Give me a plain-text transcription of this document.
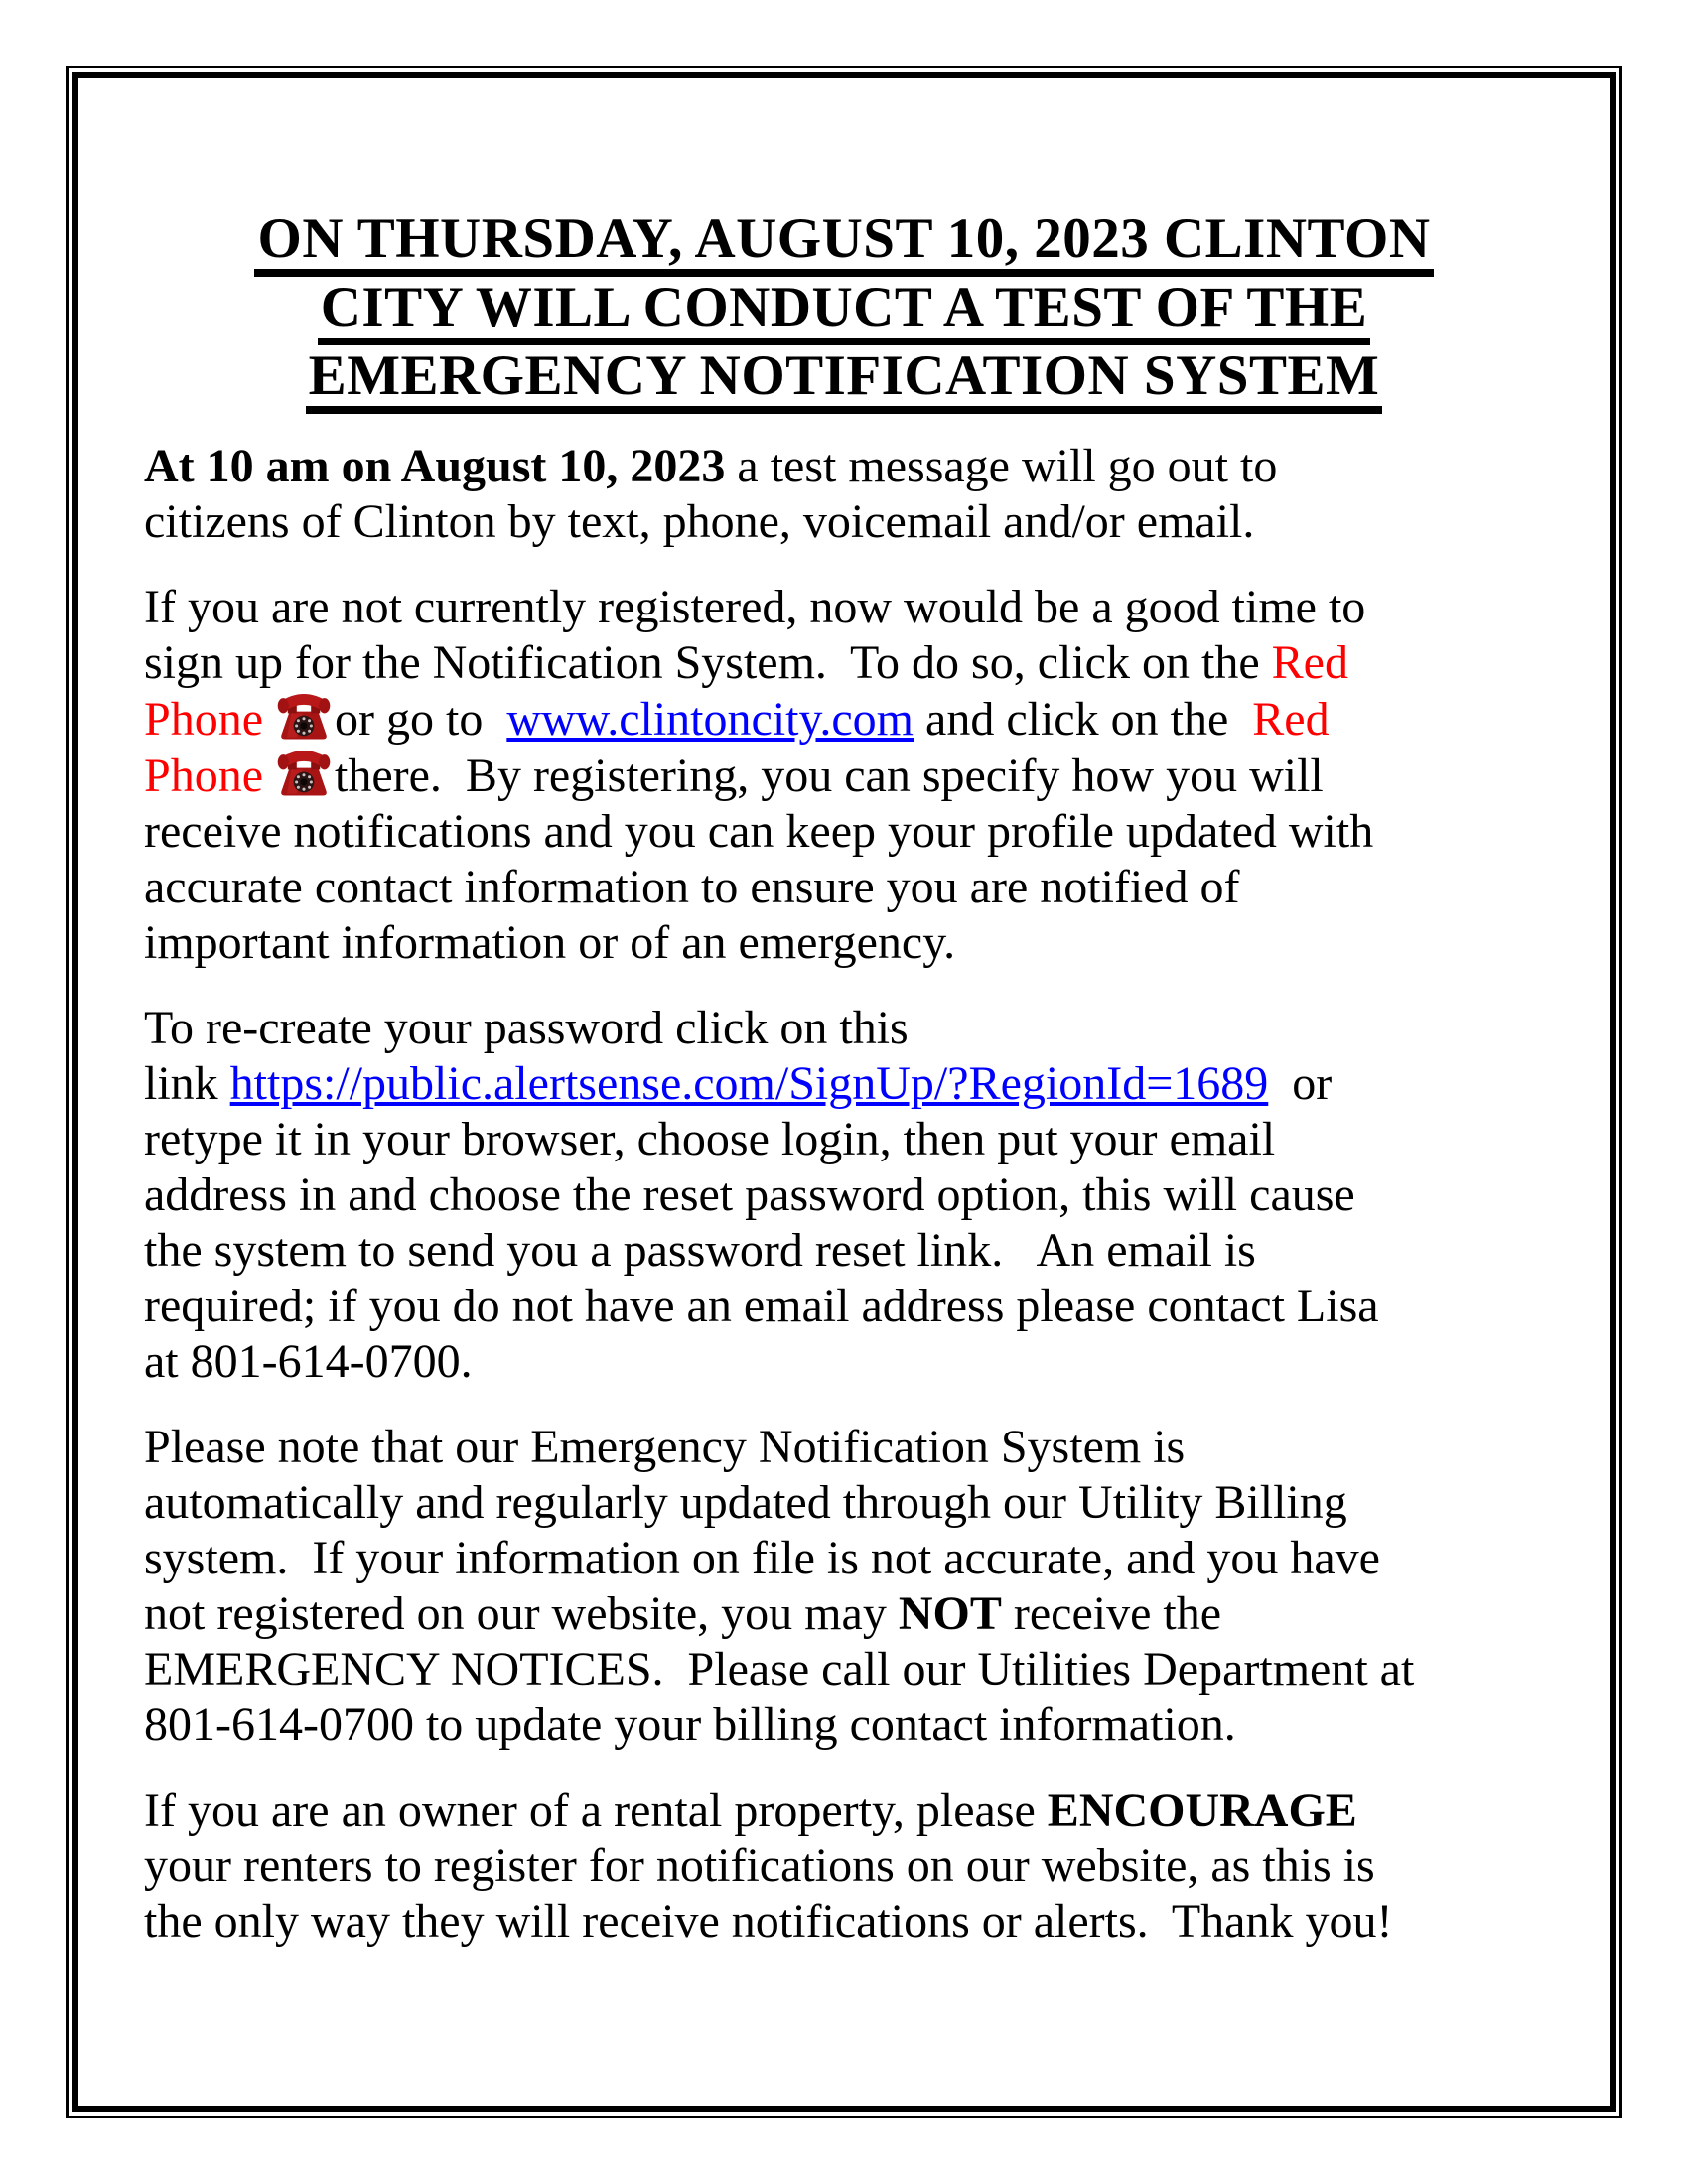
ON THURSDAY, AUGUST 10, 2023 CLINTON
CITY WILL CONDUCT A TEST OF THE
EMERGENCY NOTIFICATION SYSTEM
At 10 am on August 10, 2023 a test message will go out to
citizens of Clinton by text, phone, voicemail and/or email.
If you are not currently registered, now would be a good time to
sign up for the Notification System.  To do so, click on the Red
Phone or go to  www.clintoncity.com and click on the  Red
Phone there.  By registering, you can specify how you will
receive notifications and you can keep your profile updated with
accurate contact information to ensure you are notified of
important information or of an emergency.
To re-create your password click on this
link https://public.alertsense.com/SignUp/?RegionId=1689  or
retype it in your browser, choose login, then put your email
address in and choose the reset password option, this will cause
the system to send you a password reset link.   An email is
required; if you do not have an email address please contact Lisa
at 801-614-0700.
Please note that our Emergency Notification System is
automatically and regularly updated through our Utility Billing
system.  If your information on file is not accurate, and you have
not registered on our website, you may NOT receive the
EMERGENCY NOTICES.  Please call our Utilities Department at
801-614-0700 to update your billing contact information.
If you are an owner of a rental property, please ENCOURAGE
your renters to register for notifications on our website, as this is
the only way they will receive notifications or alerts.  Thank you!
